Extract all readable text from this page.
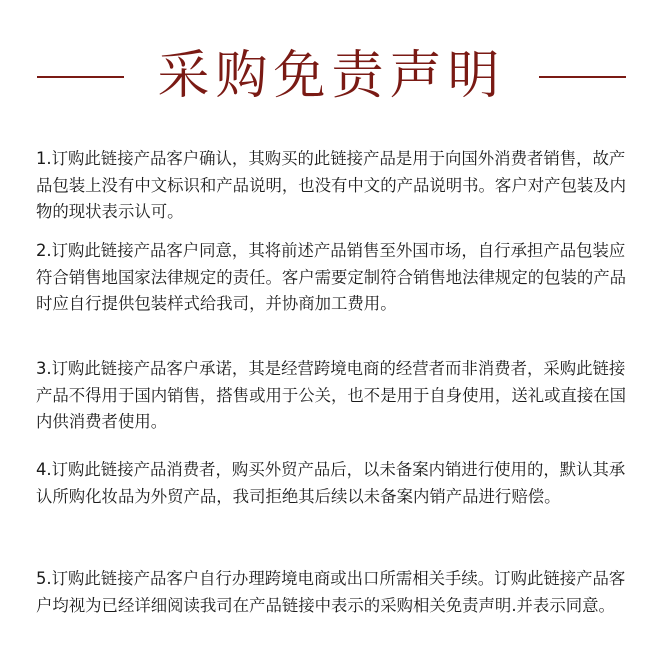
采购免责声明

1.订购此链接产品客户确认，其购买的此链接产品是用于向国外消费者销售，故产品包装上没有中文标识和产品说明，也没有中文的产品说明书。客户对产包装及内物的现状表示认可。

2.订购此链接产品客户同意，其将前述产品销售至外国市场，自行承担产品包装应符合销售地国家法律规定的责任。客户需要定制符合销售地法律规定的包装的产品时应自行提供包装样式给我司，并协商加工费用。

3.订购此链接产品客户承诺，其是经营跨境电商的经营者而非消费者，采购此链接产品不得用于国内销售，搭售或用于公关，也不是用于自身使用，送礼或直接在国内供消费者使用。

4.订购此链接产品消费者，购买外贸产品后，以未备案内销进行使用的，默认其承认所购化妆品为外贸产品，我司拒绝其后续以未备案内销产品进行赔偿。

5.订购此链接产品客户自行办理跨境电商或出口所需相关手续。订购此链接产品客户均视为已经详细阅读我司在产品链接中表示的采购相关免责声明.并表示同意。
